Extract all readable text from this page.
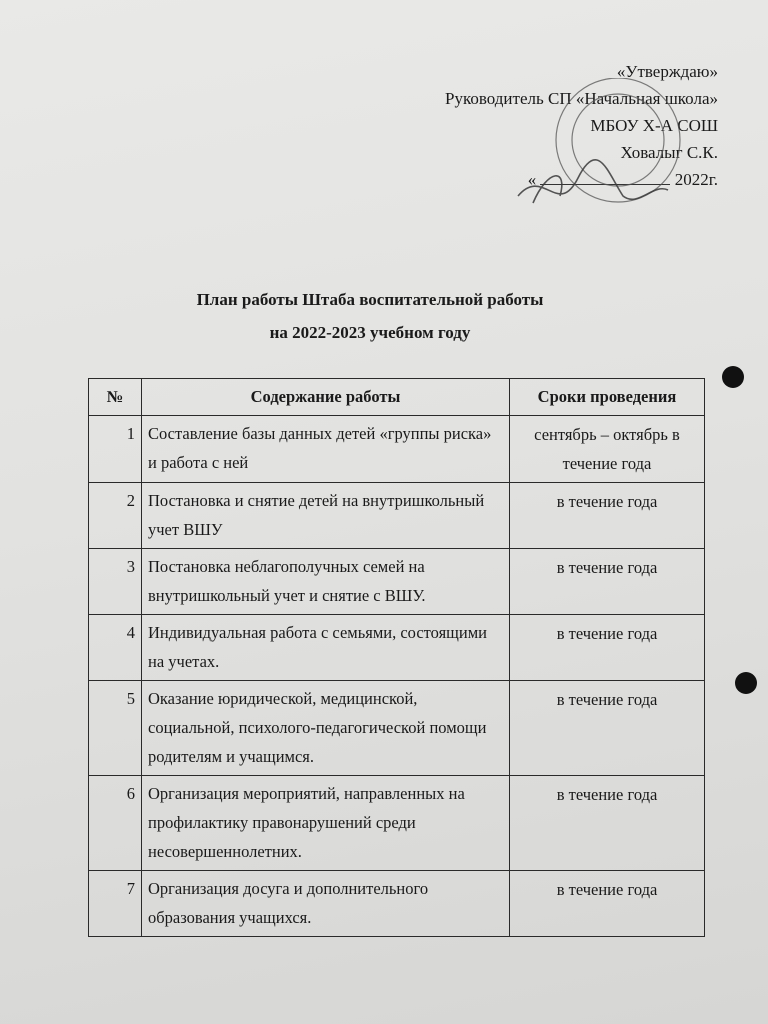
«Утверждаю»
Руководитель СП «Начальная школа»
МБОУ Х-А СОШ
Ховалыг С.К.
«	2022г.
План работы Штаба воспитательной работы
на 2022-2023 учебном году
№	Содержание работы	Сроки проведения
1	Составление базы данных детей «группы риска» и работа с ней	сентябрь – октябрь в течение года
2	Постановка и снятие детей на внутришкольный учет ВШУ	в течение года
3	Постановка неблагополучных семей на внутришкольный учет и снятие с ВШУ.	в течение года
4	Индивидуальная работа с семьями, состоящими на учетах.	в течение года
5	Оказание юридической, медицинской, социальной, психолого-педагогической помощи родителям и учащимся.	в течение года
6	Организация мероприятий, направленных на профилактику правонарушений среди несовершеннолетних.	в течение года
7	Организация досуга и дополнительного образования учащихся.	в течение года
